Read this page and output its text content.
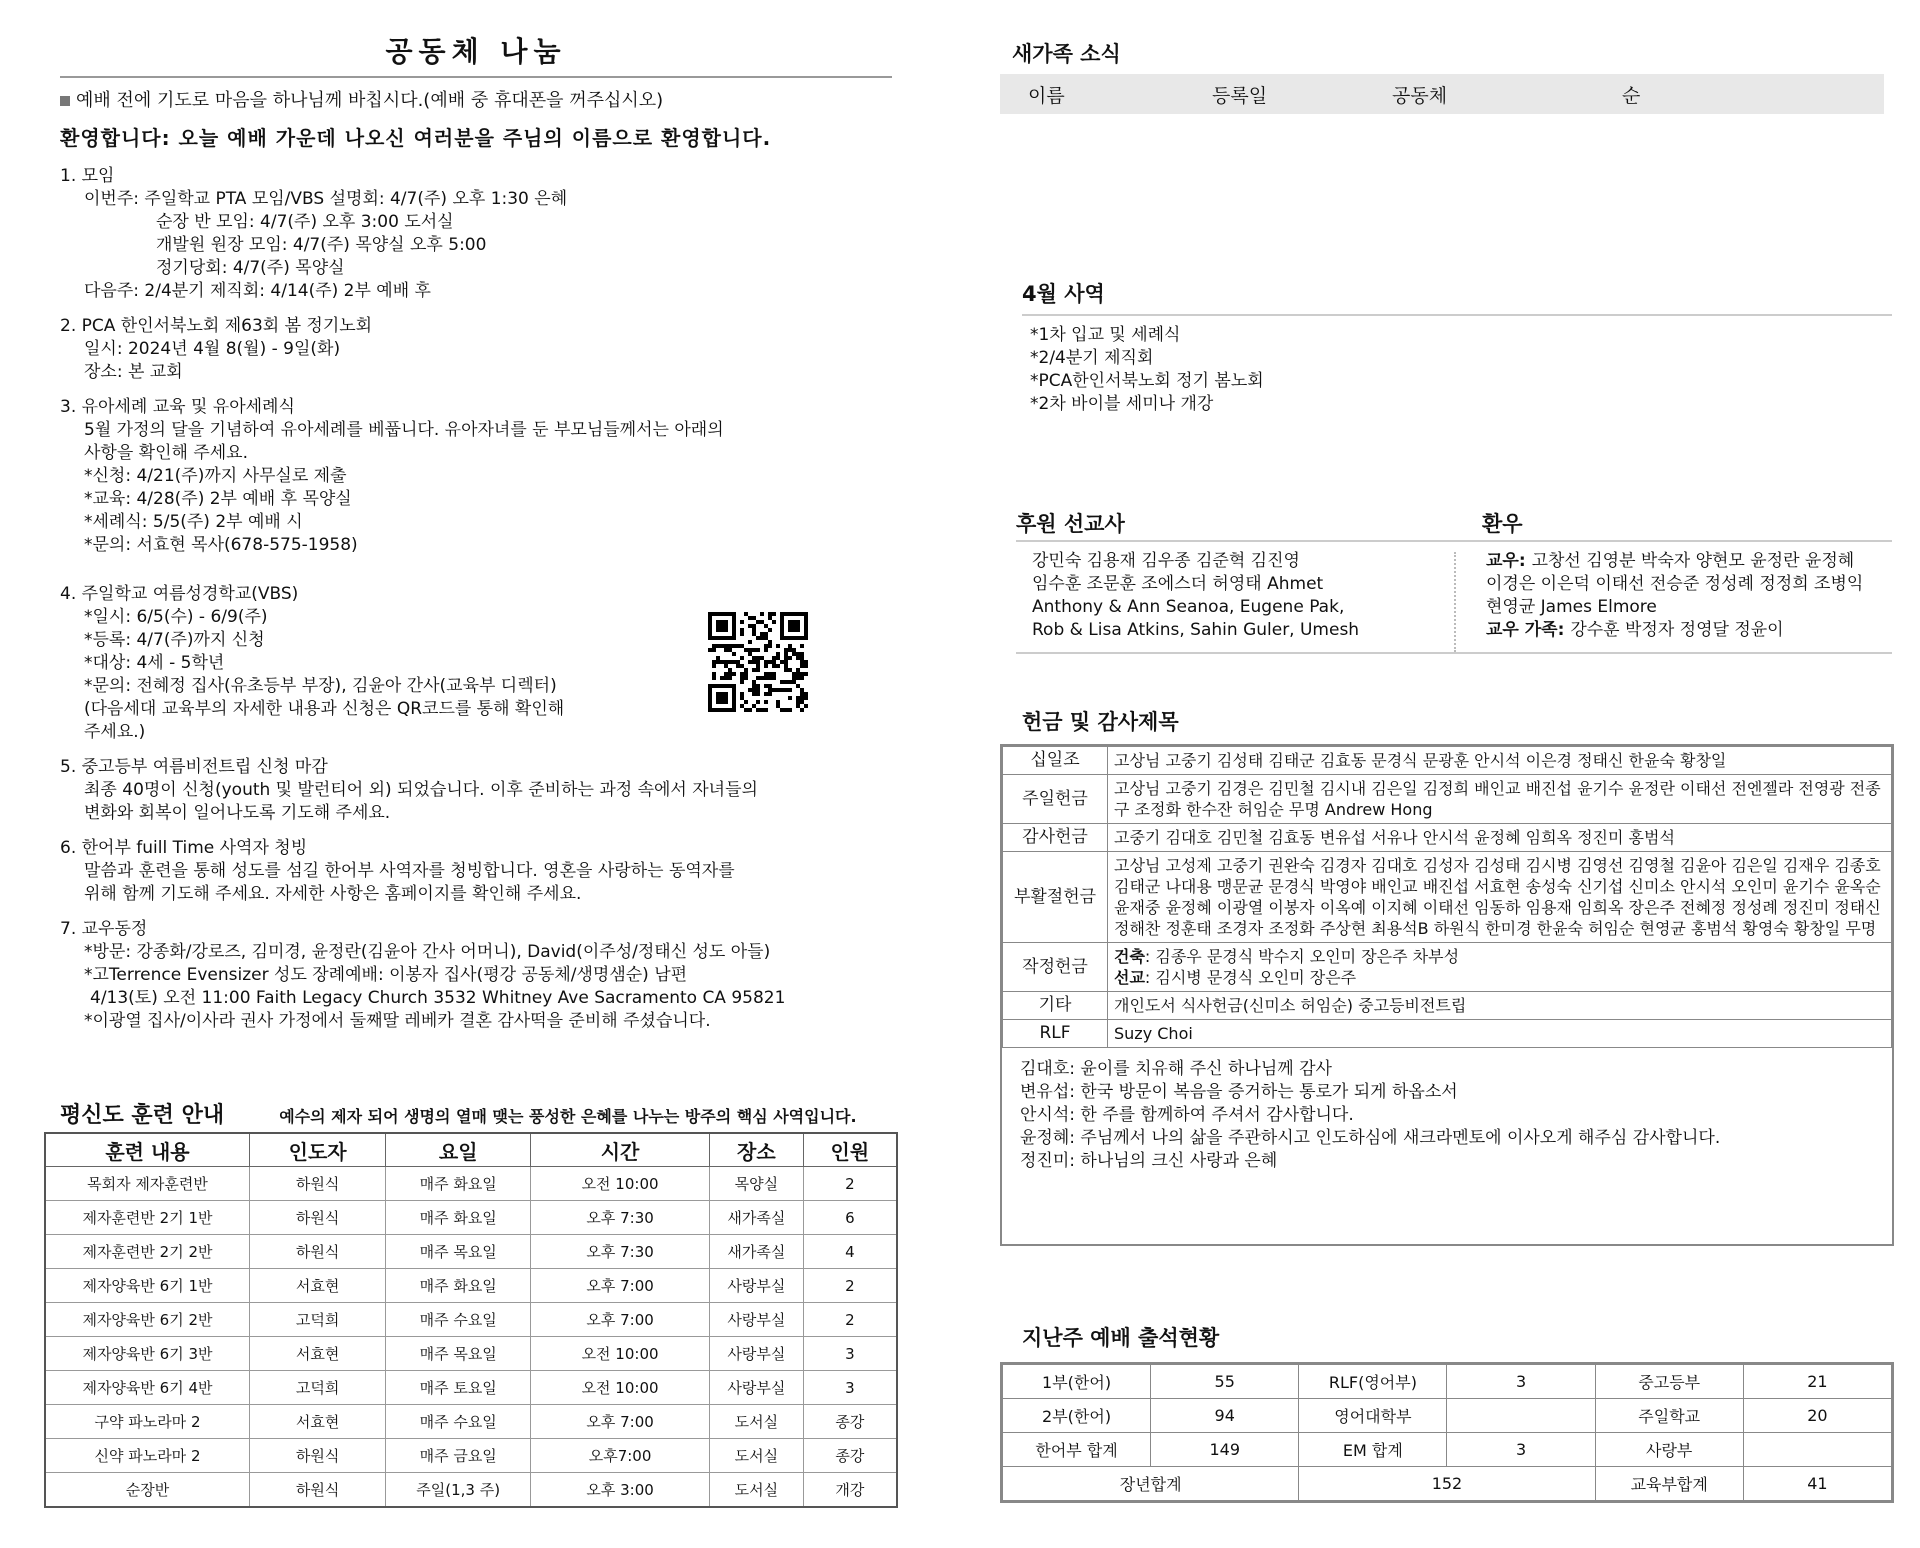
공동체 나눔
예배 전에 기도로 마음을 하나님께 바칩시다.(예배 중 휴대폰을 꺼주십시오)
환영합니다: 오늘 예배 가운데 나오신 여러분을 주님의 이름으로 환영합니다.
1. 모임
이번주: 주일학교 PTA 모임/VBS 설명회: 4/7(주) 오후 1:30 은혜
순장 반 모임: 4/7(주) 오후 3:00 도서실
개발원 원장 모임: 4/7(주) 목양실 오후 5:00
정기당회: 4/7(주) 목양실
다음주: 2/4분기 제직회: 4/14(주) 2부 예배 후
2. PCA 한인서북노회 제63회 봄 정기노회
일시: 2024년 4월 8(월) - 9일(화)
장소: 본 교회
3. 유아세례 교육 및 유아세례식
5월 가정의 달을 기념하여 유아세례를 베풉니다. 유아자녀를 둔 부모님들께서는 아래의
사항을 확인해 주세요.
*신청: 4/21(주)까지 사무실로 제출
*교육: 4/28(주) 2부 예배 후 목양실
*세례식: 5/5(주) 2부 예배 시
*문의: 서효현 목사(678-575-1958)
4. 주일학교 여름성경학교(VBS)
*일시: 6/5(수) - 6/9(주)
*등록: 4/7(주)까지 신청
*대상: 4세 - 5학년
*문의: 전혜정 집사(유초등부 부장), 김윤아 간사(교육부 디렉터)
(다음세대 교육부의 자세한 내용과 신청은 QR코드를 통해 확인해
주세요.)
5. 중고등부 여름비전트립 신청 마감
최종 40명이 신청(youth 및 발런티어 외) 되었습니다. 이후 준비하는 과정 속에서 자녀들의
변화와 회복이 일어나도록 기도해 주세요.
6. 한어부 fuill Time 사역자 청빙
말씀과 훈련을 통해 성도를 섬길 한어부 사역자를 청빙합니다. 영혼을 사랑하는 동역자를
위해 함께 기도해 주세요. 자세한 사항은 홈페이지를 확인해 주세요.
7. 교우동정
*방문: 강종화/강로즈, 김미경, 윤정란(김윤아 간사 어머니), David(이주성/정태신 성도 아들)
*고Terrence Evensizer 성도 장례예배: 이봉자 집사(평강 공동체/생명샘순) 남편
4/13(토) 오전 11:00 Faith Legacy Church 3532 Whitney Ave Sacramento CA 95821
*이광열 집사/이사라 권사 가정에서 둘째딸 레베카 결혼 감사떡을 준비해 주셨습니다.
평신도 훈련 안내	예수의 제자 되어 생명의 열매 맺는 풍성한 은혜를 나누는 방주의 핵심 사역입니다.
훈련 내용	인도자	요일	시간	장소	인원
목회자 제자훈련반	하원식	매주 화요일	오전 10:00	목양실	2
제자훈련반 2기 1반	하원식	매주 화요일	오후 7:30	새가족실	6
제자훈련반 2기 2반	하원식	매주 목요일	오후 7:30	새가족실	4
제자양육반 6기 1반	서효현	매주 화요일	오후 7:00	사랑부실	2
제자양육반 6기 2반	고덕희	매주 수요일	오후 7:00	사랑부실	2
제자양육반 6기 3반	서효현	매주 목요일	오전 10:00	사랑부실	3
제자양육반 6기 4반	고덕희	매주 토요일	오전 10:00	사랑부실	3
구약 파노라마 2	서효현	매주 수요일	오후 7:00	도서실	종강
신약 파노라마 2	하원식	매주 금요일	오후7:00	도서실	종강
순장반	하원식	주일(1,3 주)	오후 3:00	도서실	개강
새가족 소식
이름	등록일	공동체	순
4월 사역
*1차 입교 및 세례식
*2/4분기 제직회
*PCA한인서북노회 정기 봄노회
*2차 바이블 세미나 개강
후원 선교사	환우
강민숙 김용재 김우종 김준혁 김진영
임수훈 조문훈 조에스더 허영태 Ahmet
Anthony & Ann Seanoa, Eugene Pak,
Rob & Lisa Atkins, Sahin Guler, Umesh
교우: 고창선 김영분 박숙자 양현모 윤정란 윤정혜
이경은 이은덕 이태선 전승준 정성례 정정희 조병익
현영균 James Elmore
교우 가족: 강수훈 박정자 정영달 정윤이
헌금 및 감사제목
십일조	고상님 고중기 김성태 김태군 김효동 문경식 문광훈 안시석 이은경 정태신 한윤숙 황창일
주일헌금	고상님 고중기 김경은 김민철 김시내 김은일 김정희 배인교 배진섭 윤기수 윤정란 이태선 전엔젤라 전영광 전종구 조정화 한수잔 허임순 무명 Andrew Hong
감사헌금	고중기 김대호 김민철 김효동 변유섭 서유나 안시석 윤정혜 임희옥 정진미 홍범석
부활절헌금	고상님 고성제 고중기 권완숙 김경자 김대호 김성자 김성태 김시병 김영선 김영철 김윤아 김은일 김재우 김종호 김태군 나대용 맹문균 문경식 박영야 배인교 배진섭 서효현 송성숙 신기섭 신미소 안시석 오인미 윤기수 윤옥순 윤재중 윤정혜 이광열 이봉자 이옥예 이지혜 이태선 임동하 임용재 임희옥 장은주 전혜정 정성례 정진미 정태신 정해찬 정훈태 조경자 조정화 주상현 최용석B 하원식 한미경 한윤숙 허임순 현영균 홍범석 황영숙 황창일 무명
작정헌금	건축: 김종우 문경식 박수지 오인미 장은주 차부성
선교: 김시병 문경식 오인미 장은주

기타	개인도서 식사헌금(신미소 허임순) 중고등비전트립
RLF	Suzy Choi
김대호: 윤이를 치유해 주신 하나님께 감사
변유섭: 한국 방문이 복음을 증거하는 통로가 되게 하옵소서
안시석: 한 주를 함께하여 주셔서 감사합니다.
윤정혜: 주님께서 나의 삶을 주관하시고 인도하심에 새크라멘토에 이사오게 해주심 감사합니다.
정진미: 하나님의 크신 사랑과 은혜
지난주 예배 출석현황
1부(한어)	55	RLF(영어부)	3	중고등부	21
2부(한어)	94	영어대학부		주일학교	20
한어부 합계	149	EM 합계	3	사랑부	
장년합계		152		교육부합계	41
